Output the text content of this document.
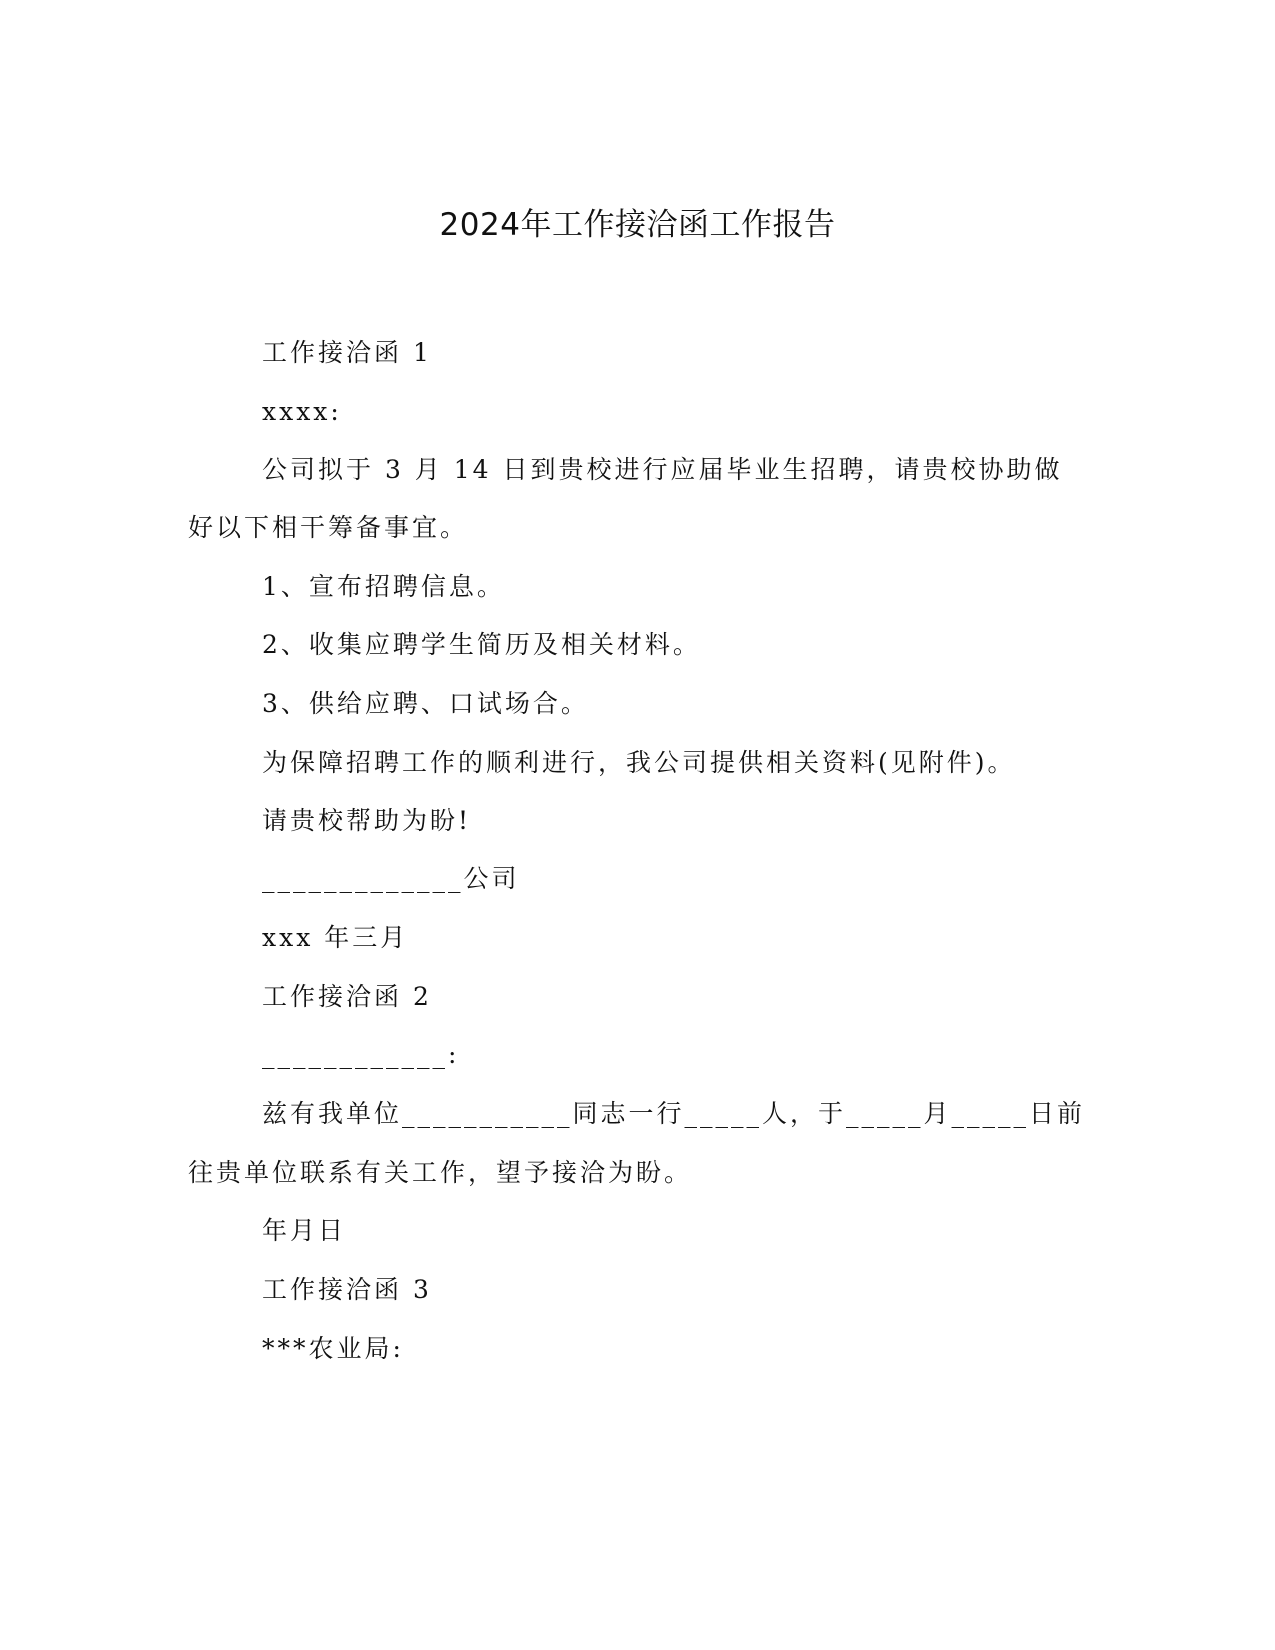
2024年工作接洽函工作报告
工作接洽函 1
xxxx:
公司拟于 3 月 14 日到贵校进行应届毕业生招聘，请贵校协助做
好以下相干筹备事宜。
1、宣布招聘信息。
2、收集应聘学生简历及相关材料。
3、供给应聘、口试场合。
为保障招聘工作的顺利进行，我公司提供相关资料(见附件)。
请贵校帮助为盼!
_____________公司
xxx 年三月
工作接洽函 2
____________:
兹有我单位___________同志一行_____人，于_____月_____日前
往贵单位联系有关工作，望予接洽为盼。
年月日
工作接洽函 3
***农业局:
